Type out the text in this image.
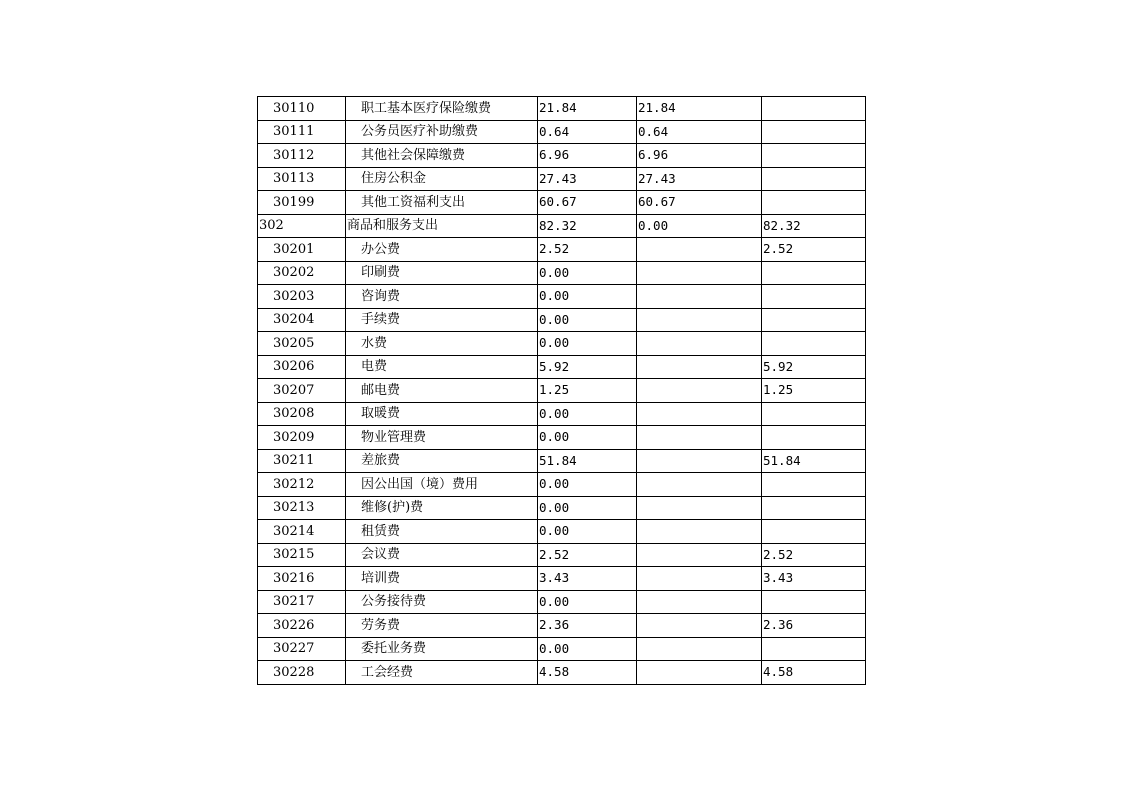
30110	职工基本医疗保险缴费	21.84	21.84	
30111	公务员医疗补助缴费	0.64	0.64	
30112	其他社会保障缴费	6.96	6.96	
30113	住房公积金	27.43	27.43	
30199	其他工资福利支出	60.67	60.67	
302	商品和服务支出	82.32	0.00	82.32
30201	办公费	2.52		2.52
30202	印刷费	0.00		
30203	咨询费	0.00		
30204	手续费	0.00		
30205	水费	0.00		
30206	电费	5.92		5.92
30207	邮电费	1.25		1.25
30208	取暖费	0.00		
30209	物业管理费	0.00		
30211	差旅费	51.84		51.84
30212	因公出国（境）费用	0.00		
30213	维修(护)费	0.00		
30214	租赁费	0.00		
30215	会议费	2.52		2.52
30216	培训费	3.43		3.43
30217	公务接待费	0.00		
30226	劳务费	2.36		2.36
30227	委托业务费	0.00		
30228	工会经费	4.58		4.58
